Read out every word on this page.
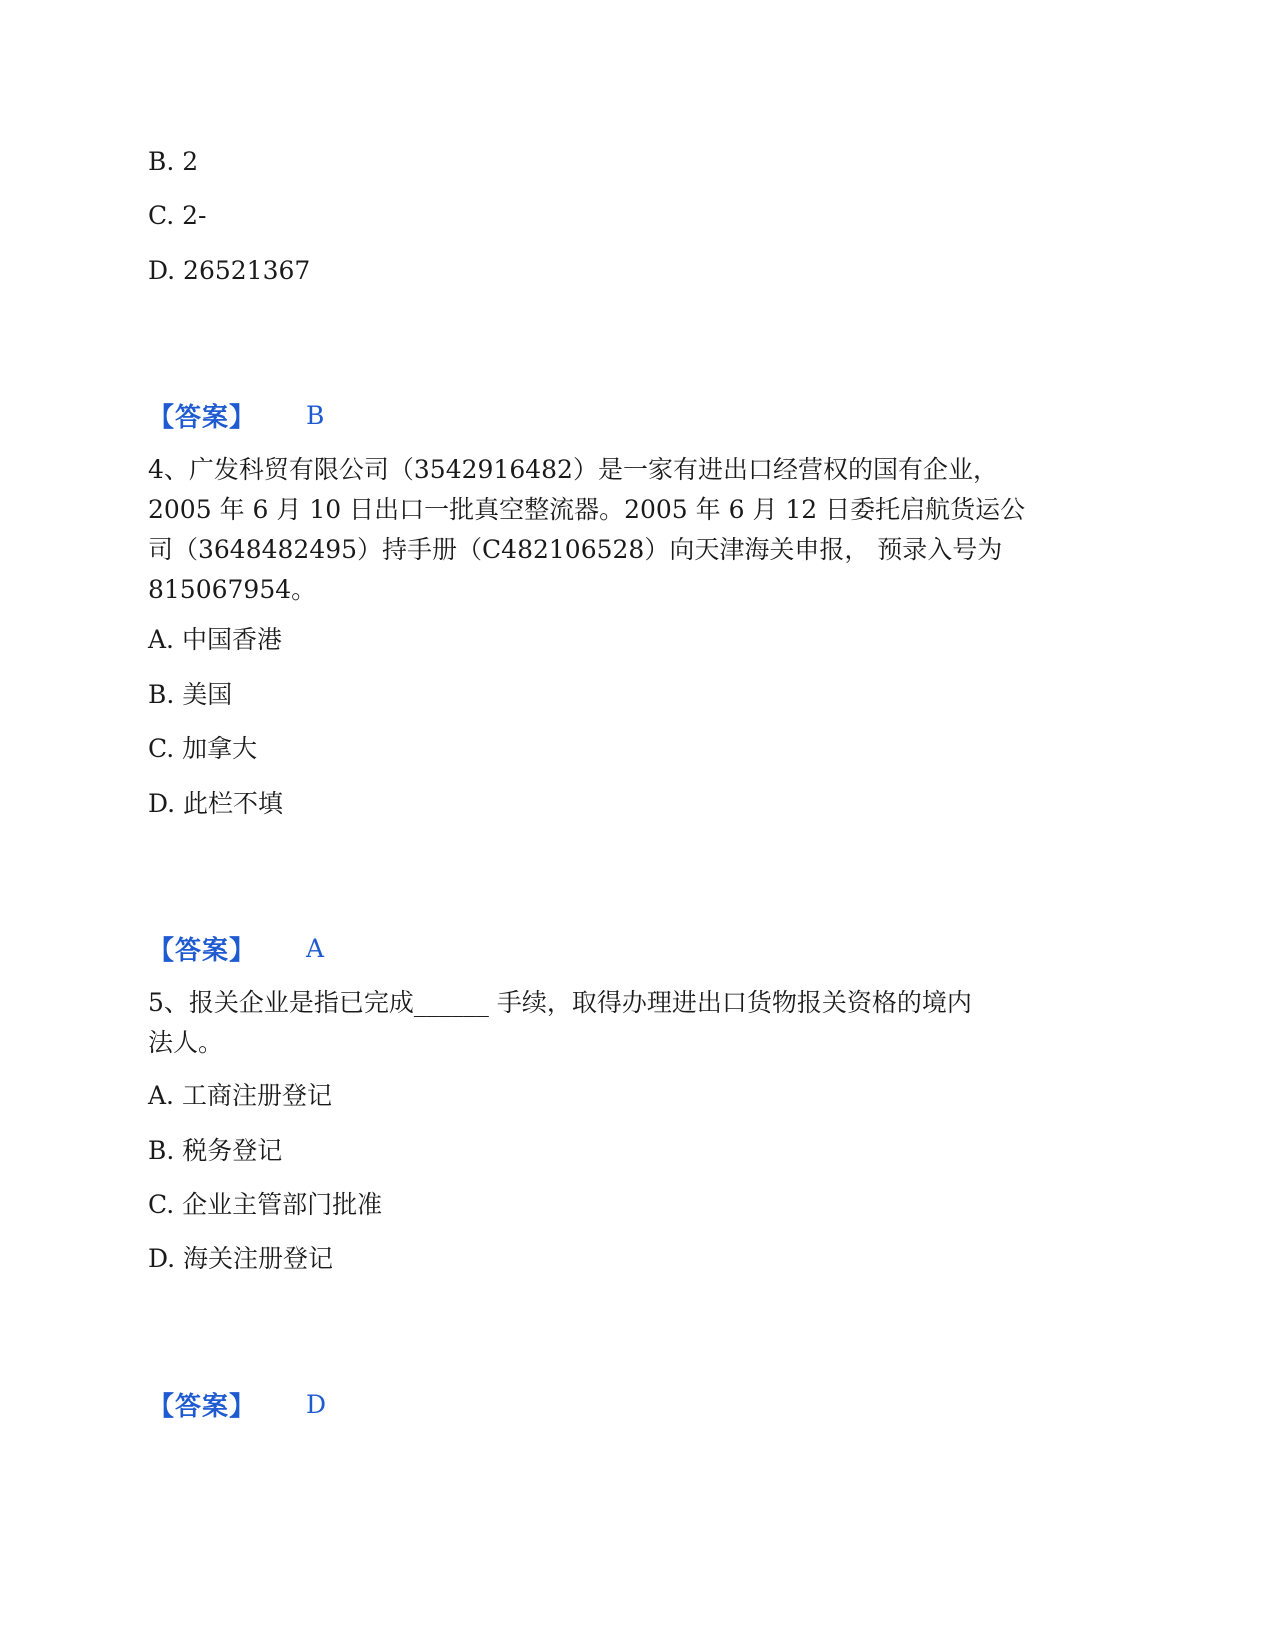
B. 2
C. 2-
D. 26521367
【答案】 B
4、广发科贸有限公司（3542916482）是一家有进出口经营权的国有企业，
2005 年 6 月 10 日出口一批真空整流器。2005 年 6 月 12 日委托启航货运公
司（3648482495）持手册（C482106528）向天津海关申报， 预录入号为
815067954。
A. 中国香港
B. 美国
C. 加拿大
D. 此栏不填
【答案】 A
5、报关企业是指已完成______ 手续，取得办理进出口货物报关资格的境内
法人。
A. 工商注册登记
B. 税务登记
C. 企业主管部门批准
D. 海关注册登记
【答案】 D
